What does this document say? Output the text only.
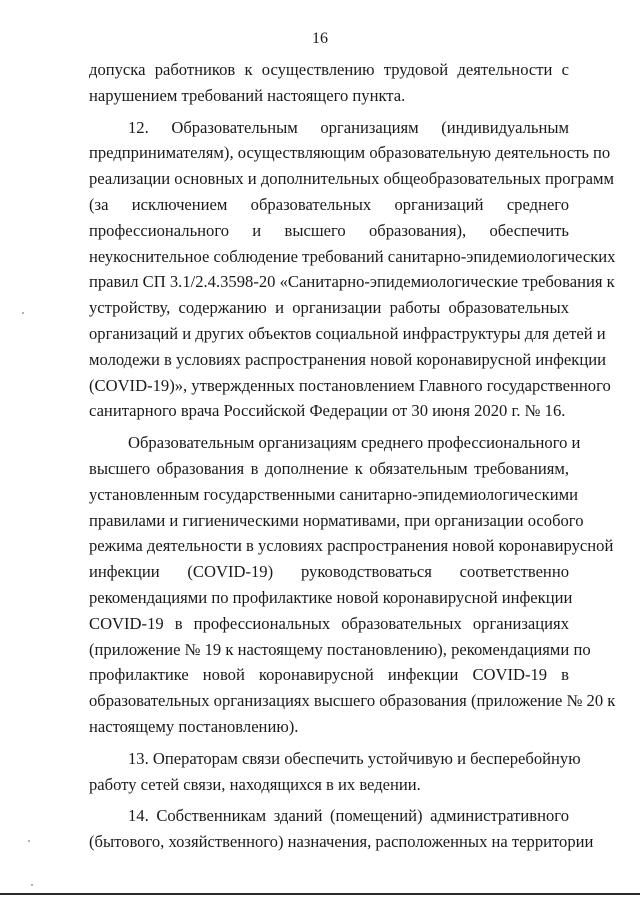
16
допуска работников к осуществлению трудовой деятельности с
нарушением требований настоящего пункта.
12. Образовательным организациям (индивидуальным
предпринимателям), осуществляющим образовательную деятельность по
реализации основных и дополнительных общеобразовательных программ
(за исключением образовательных организаций среднего
профессионального и высшего образования), обеспечить
неукоснительное соблюдение требований санитарно-эпидемиологических
правил СП 3.1/2.4.3598-20 «Санитарно-эпидемиологические требования к
устройству, содержанию и организации работы образовательных
организаций и других объектов социальной инфраструктуры для детей и
молодежи в условиях распространения новой коронавирусной инфекции
(COVID-19)», утвержденных постановлением Главного государственного
санитарного врача Российской Федерации от 30 июня 2020 г. № 16.
Образовательным организациям среднего профессионального и
высшего образования в дополнение к обязательным требованиям,
установленным государственными санитарно-эпидемиологическими
правилами и гигиеническими нормативами, при организации особого
режима деятельности в условиях распространения новой коронавирусной
инфекции (COVID-19) руководствоваться соответственно
рекомендациями по профилактике новой коронавирусной инфекции
COVID-19 в профессиональных образовательных организациях
(приложение № 19 к настоящему постановлению), рекомендациями по
профилактике новой коронавирусной инфекции COVID-19 в
образовательных организациях высшего образования (приложение № 20 к
настоящему постановлению).
13. Операторам связи обеспечить устойчивую и бесперебойную
работу сетей связи, находящихся в их ведении.
14. Собственникам зданий (помещений) административного
(бытового, хозяйственного) назначения, расположенных на территории
